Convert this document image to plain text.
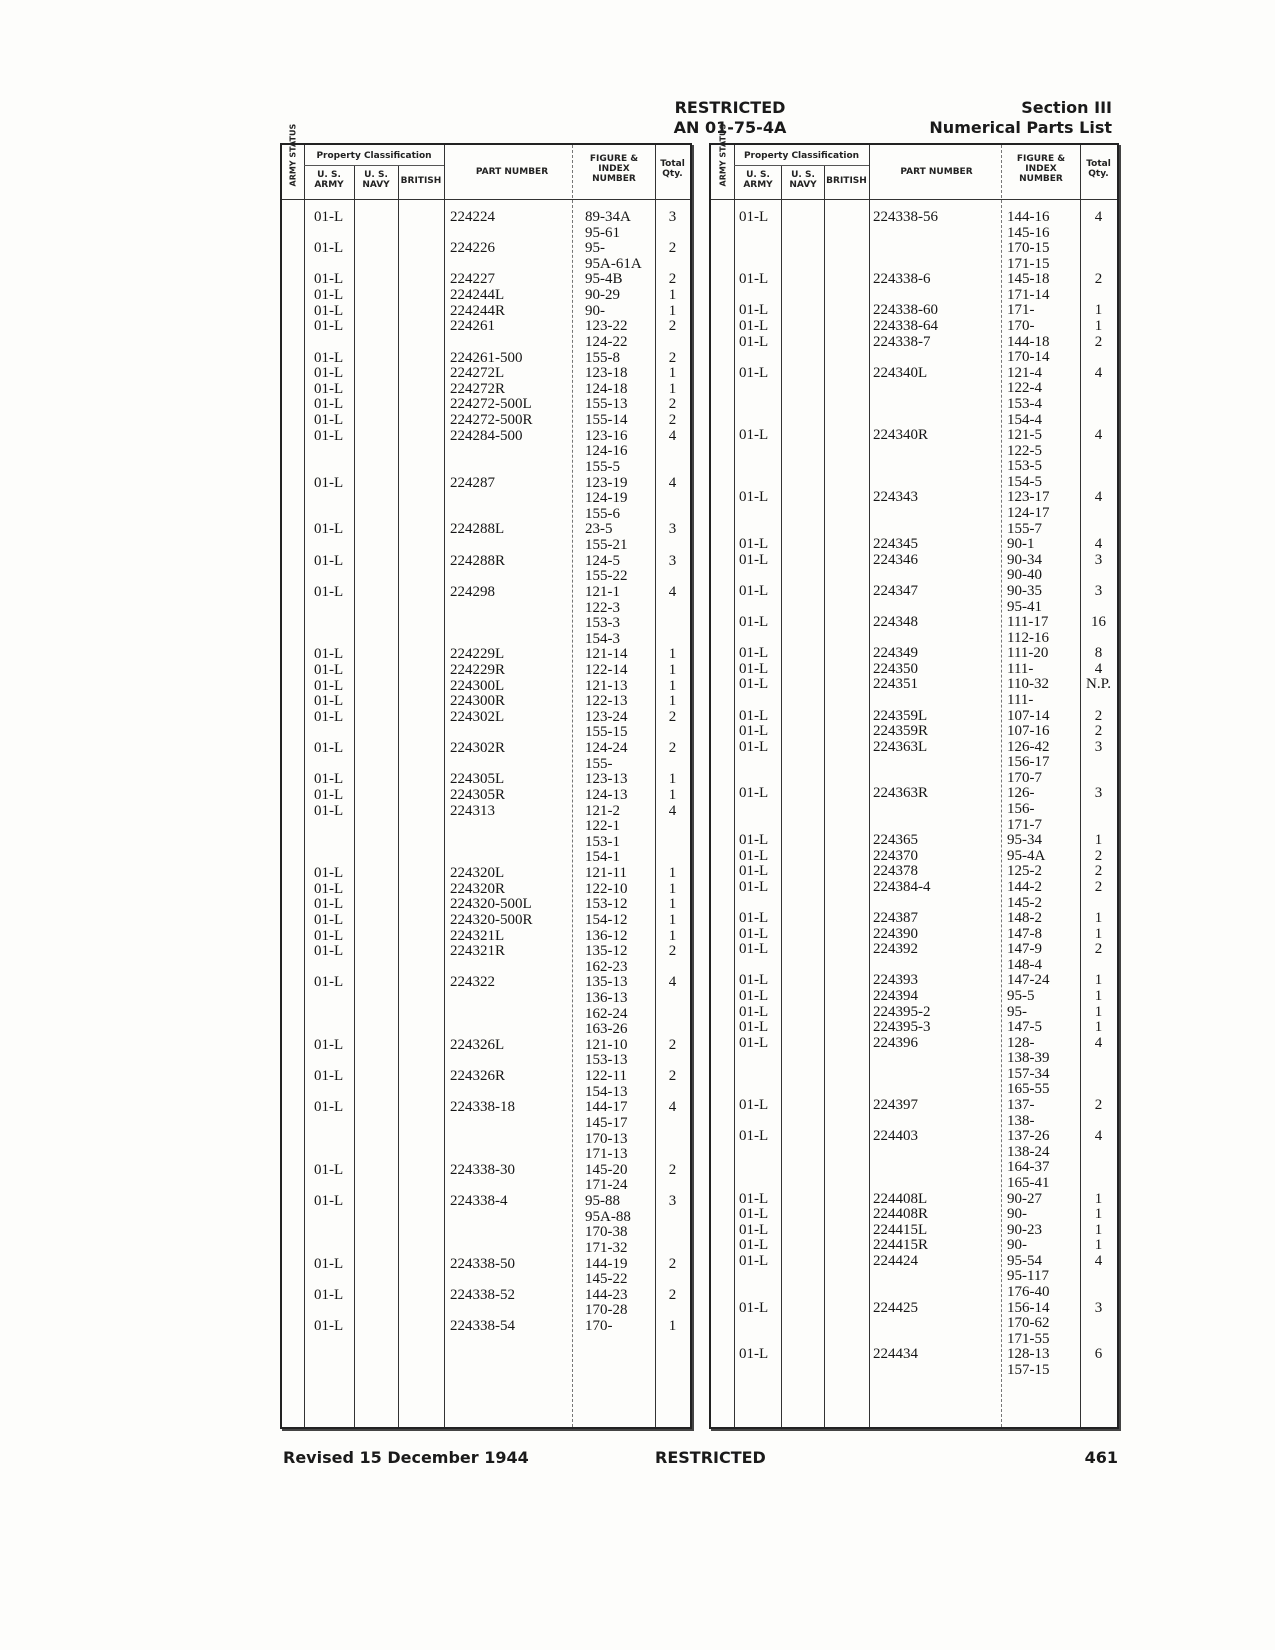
RESTRICTED
AN 01-75-4A
Section III
Numerical Parts List
ARMY STATUS	Property Classification
U. S. ARMY
U. S. NAVY	BRITISH
PART NUMBER
FIGURE & INDEX NUMBER
Total Qty.
01-L	224224	89-34A	3
95-61
01-L	224226	95-	2
95A-61A
01-L	224227	95-4B	2
01-L	224244L	90-29	1
01-L	224244R	90-	1
01-L	224261	123-22	2
124-22
01-L	224261-500	155-8	2
01-L	224272L	123-18	1
01-L	224272R	124-18	1
01-L	224272-500L	155-13	2
01-L	224272-500R	155-14	2
01-L	224284-500	123-16	4
124-16
155-5
01-L	224287	123-19	4
124-19
155-6
01-L	224288L	23-5	3
155-21
01-L	224288R	124-5	3
155-22
01-L	224298	121-1	4
122-3
153-3
154-3
01-L	224229L	121-14	1
01-L	224229R	122-14	1
01-L	224300L	121-13	1
01-L	224300R	122-13	1
01-L	224302L	123-24	2
155-15
01-L	224302R	124-24	2
155-
01-L	224305L	123-13	1
01-L	224305R	124-13	1
01-L	224313	121-2	4
122-1
153-1
154-1
01-L	224320L	121-11	1
01-L	224320R	122-10	1
01-L	224320-500L	153-12	1
01-L	224320-500R	154-12	1
01-L	224321L	136-12	1
01-L	224321R	135-12	2
162-23
01-L	224322	135-13	4
136-13
162-24
163-26
01-L	224326L	121-10	2
153-13
01-L	224326R	122-11	2
154-13
01-L	224338-18	144-17	4
145-17
170-13
171-13
01-L	224338-30	145-20	2
171-24
01-L	224338-4	95-88	3
95A-88
170-38
171-32
01-L	224338-50	144-19	2
145-22
01-L	224338-52	144-23	2
170-28
01-L	224338-54	170-	1
ARMY STATUS	Property Classification
U. S. ARMY
U. S. NAVY	BRITISH
PART NUMBER
FIGURE & INDEX NUMBER
Total Qty.
01-L	224338-56	144-16	4
145-16
170-15
171-15
01-L	224338-6	145-18	2
171-14
01-L	224338-60	171-	1
01-L	224338-64	170-	1
01-L	224338-7	144-18	2
170-14
01-L	224340L	121-4	4
122-4
153-4
154-4
01-L	224340R	121-5	4
122-5
153-5
154-5
01-L	224343	123-17	4
124-17
155-7
01-L	224345	90-1	4
01-L	224346	90-34	3
90-40
01-L	224347	90-35	3
95-41
01-L	224348	111-17	16
112-16
01-L	224349	111-20	8
01-L	224350	111-	4
01-L	224351	110-32	N.P.
111-
01-L	224359L	107-14	2
01-L	224359R	107-16	2
01-L	224363L	126-42	3
156-17
170-7
01-L	224363R	126-	3
156-
171-7
01-L	224365	95-34	1
01-L	224370	95-4A	2
01-L	224378	125-2	2
01-L	224384-4	144-2	2
145-2
01-L	224387	148-2	1
01-L	224390	147-8	1
01-L	224392	147-9	2
148-4
01-L	224393	147-24	1
01-L	224394	95-5	1
01-L	224395-2	95-	1
01-L	224395-3	147-5	1
01-L	224396	128-	4
138-39
157-34
165-55
01-L	224397	137-	2
138-
01-L	224403	137-26	4
138-24
164-37
165-41
01-L	224408L	90-27	1
01-L	224408R	90-	1
01-L	224415L	90-23	1
01-L	224415R	90-	1
01-L	224424	95-54	4
95-117
176-40
01-L	224425	156-14	3
170-62
171-55
01-L	224434	128-13	6
157-15
Revised 15 December 1944	RESTRICTED	461
